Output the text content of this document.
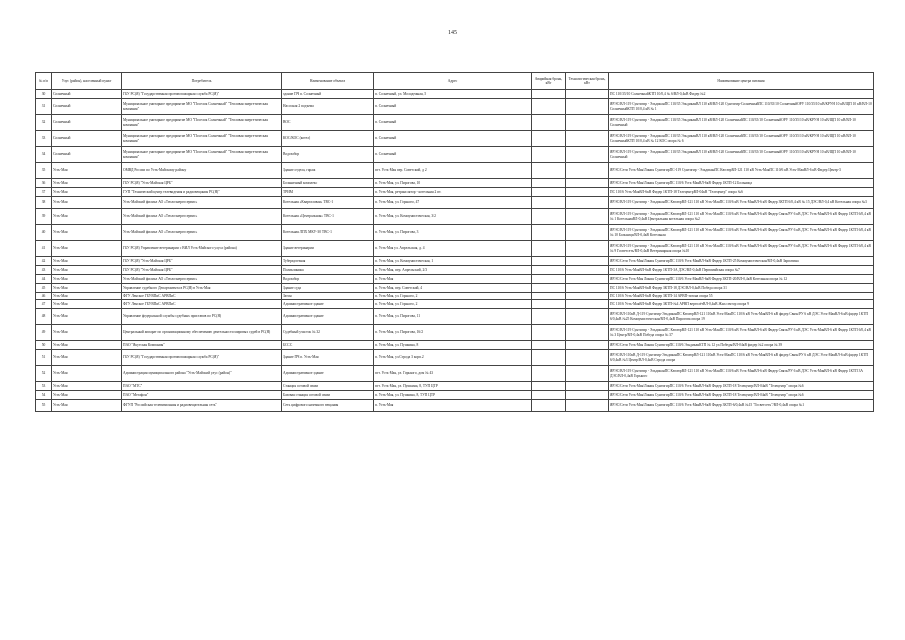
145
№ п/п	Улус (район), населенный пункт	Потребитель	Наименование объекта	Адрес	Аварийная бронь, кВт	Технологическая бронь, кВт	Наименование центра питания
30	Солнечный	ГБУ РС(Я) "Государственная противопожарная служба РС(Я)"	здание ПЧ п. Солнечный	п. Солнечный, ул. Молодежная, 5			ПС 110/35/10 СолнечныйКТП 10/0,4 № 6/ВЛ-0,4кВ Фидер №2
31	Солнечный	Муниципальное унитарное предприятие МО "Поселок Солнечный" "Тепловая энергетическая компания"	Насосная 2 подъема	п. Солнечный			ЯРЭС/ВЛ-119 Сунтигир - ЭльдиканПС 110/35 ЭльдиканВЛ 110 кВ/ВЛ-120 Сунтигир-СолнечныйПС 110/35/10 СолнечныйОРУ 110/35/10 кВ/КРУН 10 кВ/ЩП 10 кВ/ВЛ-10 СолнечныйКТП 10/0,4 кВ № 1
32	Солнечный	Муниципальное унитарное предприятие МО "Поселок Солнечный" "Тепловая энергетическая компания"	ВОС	п. Солнечный			ЯРЭС/ВЛ-119 Сунтигир - ЭльдиканПС 110/35 ЭльдиканВЛ 110 кВ/ВЛ-120 СолнечныйПС 110/35/10 СолнечныйОРУ 110/35/10 кВ/КРУН 10 кВ/ЩП 10 кВ/ВЛ-10 Солнечный
33	Солнечный	Муниципальное унитарное предприятие МО "Поселок Солнечный" "Тепловая энергетическая компания"	КОС/КОС (котел)	п. Солнечный			ЯРЭС/ВЛ-119 Сунтигир - ЭльдиканПС 110/35 ЭльдиканВЛ 110 кВ/ВЛ-120 СолнечныйПС 110/35/10 СолнечныйОРУ 110/35/10 кВ/КРУН 10 кВ/ЩП 10 кВ/ВЛ-10 СолнечныйКТП 10/0,4 кВ № 12 КОС опора № 6
34	Солнечный	Муниципальное унитарное предприятие МО "Поселок Солнечный" "Тепловая энергетическая компания"	Водозабор	п. Солнечный			ЯРЭС/ВЛ-119 Сунтигир - ЭльдиканПС 110/35 ЭльдиканВЛ 110 кВ/ВЛ-120 СолнечныйПС 110/35/10 СолнечныйОРУ 110/35/10 кВ/КРУН 10 кВ/ЩП 10 кВ/ВЛ-10 Солнечный
35	Усть-Мая	ОМВД России по Усть-Майскому району	Здание отдела, гараж	пгт. Усть-Мая пер. Советский, д 2			ЯРЭС/Сети Усть-Мая/Линия СунтигирПС-119 Сунтигир - ЭльдиканПС КюсюрВЛ-121 110 кВ Усть-МаяПС 110/6 кВ Усть-МаяВЛ-6 кВ Фидер Центр-3
36	Усть-Мая	ГБУ РС(Я) "Усть-Майская ЦРБ"	Больничный комплекс	п. Усть-Мая, ул. Пирогова, 10			ЯРЭС/Сети Усть-Мая/Линия СунтигирПС 110/6 Усть-МаяВЛ-6кВ Фидер 1КТП-12 Больница
37	Усть-Мая	ГУП "Технический центр телевидения и радиовещания РС(Я)"	ТРИМ	п. Усть-Мая, ретранслятор - котельная 2 пт.			ПС 110/6 Усть-МаяВЛ-6кВ Фидер 1КТП-18 ТелецентрВЛ-04кВ "Телецентр" опора №6
38	Усть-Мая	Усть-Майский филиал АО «Теплоэнергосервис»	Котельная «Кварталовая» ТВС-1	п. Усть-Мая, ул. Горького, 47			ЯРЭС/ВЛ-119 Сунтигир - ЭльдиканПС КюсюрВЛ-121 110 кВ Усть-МаяПС 110/6 кВ Усть-МаяВЛ-6 кВ Фидер 3КТП 6/0,4 кВ № 15 ДЭС/ВЛ-0,4 кВ Котельная опора №3
39	Усть-Мая	Усть-Майский филиал АО «Теплоэнергосервис»	Котельная «Центральная» ТВС-1	п. Усть-Мая, ул. Коммунистическая, 3/2			ЯРЭС/ВЛ-119 Сунтигир - ЭльдиканПС КюсюрВЛ-121 110 кВ Усть-МаяПС 110/6 кВ Усть-МаяВЛ-6 кВ Фидер Связь/РУ 6 кВ ДЭС Усть-МаяВЛ-6 кВ Фидер 1КТП 6/0,4 кВ № 1 КотельнаяВЛ-0,4кВ Центральная котельная опора №2
40	Усть-Мая	Усть-Майский филиал АО «Теплоэнергосервис»	Котельная ЛПХ МКУ-30 ТВС-1	п. Усть-Мая, ул. Пирогова, 3			ЯРЭС/ВЛ-119 Сунтигир - ЭльдиканПС КюсюрВЛ-121 110 кВ Усть-МаяПС 110/6 кВ Усть-МаяВЛ-6 кВ Фидер Связь/РУ 6 кВ ДЭС Усть-МаяВЛ-6 кВ Фидер 1КТП 6/0,4 кВ № 10 Больница/ВЛ-0,4кВ Котельная
41	Усть-Мая	ГБУ РС(Я) Управление ветеринарии с ВИЛ Усть-Майского улуса (района)	Здание ветеринарии	п. Усть-Мая ул. Апрельская, д. 4			ЯРЭС/ВЛ-119 Сунтигир - ЭльдиканПС КюсюрВЛ-121 110 кВ Усть-МаяПС 110/6 кВ Усть-МаяВЛ-6 кВ Фидер Связь/РУ 6 кВ ДЭС Усть-МаяВЛ-6 кВ Фидер 1КТП 6/0,4 кВ № 9 Госветсеть/ВЛ-0,4кВ Ветеринарная опора №10
42	Усть-Мая	ГБУ РС(Я) "Усть-Майская ЦРБ"	Туберкулезная	п. Усть-Мая, ул. Коммунистическая, 1			ЯРЭС/Сети Усть-Мая/Линия СунтигирПС 110/6 Усть-МаяВЛ-6кВ Фидер 1КТП-25 Коммунистическая/ВЛ-0,4кВ Зарпатина
43	Усть-Мая	ГБУ РС(Я) "Усть-Майская ЦРБ"	Поликлиника	п. Усть-Мая, пер. Апрельский, 2/3			ПС 110/6 Усть-МаяВЛ-6кВ Фидер 1КТП-3А ДЭС/ВЛ-0,4кВ Первомайская опора №7
44	Усть-Мая	Усть-Майский филиал АО «Теплоэнергосервис»	Водозабор	п. Усть-Мая			ЯРЭС/Сети Усть-Мая Линия СунтигирПС 110/6 Усть-МаяВЛ-6кВ Фидер 3КТП-20/ВЛ-0,4кВ Котельная опора № 12
45	Усть-Мая	Управление судебного Департамента в РС(Я) в Усть-Мая	Здание суда	п. Усть-Мая, пер. Советский, 4			ПС 110/6 Усть-МаяВЛ-6кВ Фидер 3КТП-18 ДЭС/ВЛ-0,4кВ Победа опора 31
46	Усть-Мая	ФГУ Ленское ГБУВПиС АРВПиС	Затон	п. Усть-Мая, ул. Горького, 2			ПС 110/6 Усть-МаяВЛ-6кВ Фидер 3КТП-14 АРВП-затона опора 55
47	Усть-Мая	ФГУ Ленское ГБУВПиС АРВПиС	Административное здание	п. Усть-Мая, ул. Горького, 2			ПС 110/6 Усть-МаяВЛ-6кВ Фидер 3КТП-№4 АРВП вертолётВЛ-0,4кВ Жил.сектор опора 9
48	Усть-Мая	Управление федеральной службы судебных приставов по РС(Я)	Административное здание	п. Усть-Мая, ул. Пирогова, 11			ЯРЭС/ВЛ-110кВ Д-119 Сунтигир-ЭльдиканПС КюсюрВЛ-121 110кВ Усть-МаяПС 110/6 кВ Усть-МаяВЛ-6 кВ фидер Связь/РУ 6 кВ ДЭС Усть-МаяВЛ-6 кВ фидер 1КТП 6/0,4кВ №25 Коммунистическая/ВЛ-0,4кВ Пирогова опора 19
49	Усть-Мая	Центральный аппарат по организационному обеспечению деятельности мировых судей в РС(Я)	Судебный участок № 32	п. Усть-Мая, ул. Пирогова, 16/2			ЯРЭС/ВЛ-119 Сунтигир - ЭльдиканПС КюсюрВЛ-121 110 кВ Усть-МаяПС 110/6 кВ Усть-МаяВЛ-6 кВ Фидер Связь/РУ 6 кВ ДЭС Усть-МаяВЛ-6 кВ Фидер 1КТП 6/0,4 кВ № 3 Центр/ВЛ-0,4кВ Победа опора № 37
50	Усть-Мая	ПАО "Якутская Компания"	БССС	п. Усть-Мая, ул. Пушкина, 8			ЯРЭС/Сети Усть-Мая Линия СунтигирПС 110/6 ЭльдиканКТП № 12 ул.Победы/ВЛ-04кВ фидер №2 опора № 39
51	Усть-Мая	ГБУ РС(Я) "Государственная противопожарная служба РС(Я)"	Здание ПЧ п. Усть-Мая	п. Усть-Мая, ул.Строда 3 корп.2			ЯРЭС/ВЛ-110кВ Д-119 Сунтигир-ЭльдиканПС КюсюрВЛ-121 110кВ Усть-МаяПС 110/6 кВ Усть-МаяВЛ-6 кВ фидер Связь/РУ 6 кВ ДЭС Усть-МаяВЛ-6 кВ фидер 1КТП 6/0,4кВ №3 Центр/ВЛ-0,4кВ Строда опора
52	Усть-Мая	Администрация муниципального района "Усть-Майский улус (район)"	Административное здание	пгт. Усть-Мая, ул. Горького, дом № 43			ЯРЭС/ВЛ-119 Сунтигир - ЭльдиканПС КюсюрВЛ-121 110 кВ Усть-МаяПС 110/6 кВ Усть-МаяВЛ-6 кВ Фидер Связь/РУ 6 кВ ДЭС Усть-МаяВЛ-6 кВ Фидер 1КТП 3А ДЭС/ВЛ-0,4кВ Горького
53	Усть-Мая	ПАО "МТС"	Станция сотовой связи	пгт. Усть-Мая, ул. Пушкина, 8, ТУП ЦТР			ЯРЭС/Сети Усть-Мая/Линия СунтигирПС 110/6 Усть-МаяВЛ-6кВ Фидер 1КТП-18 Телецентр/ВЛ-04кВ "Телецентр" опора №6
54	Усть-Мая	ПАО "Мегафон"	Базовая станция сотовой связи	п. Усть-Мая, ул. Пушкина, 8, ТУП ЦТР			ЯРЭС/Сети Усть-Мая/Линия СунтигирПС 110/6 Усть-МаяВЛ-6кВ Фидер 1КТП-18 Телецентр/ВЛ-04кВ "Телецентр" опора №6
55	Усть-Мая	ФГУП "Российская телевизионная и радиовещательная сеть"	Сеть цифрового наземного вещания	п. Усть-Мая			ЯРЭС/Сети Усть-Мая/Линия СунтигирПС 110/6 Усть-МаяВЛ-6кВ Фидер 3КТП-6/0,4кВ №15 "Госветсеть"/ВЛ-0,4кВ опора №1
